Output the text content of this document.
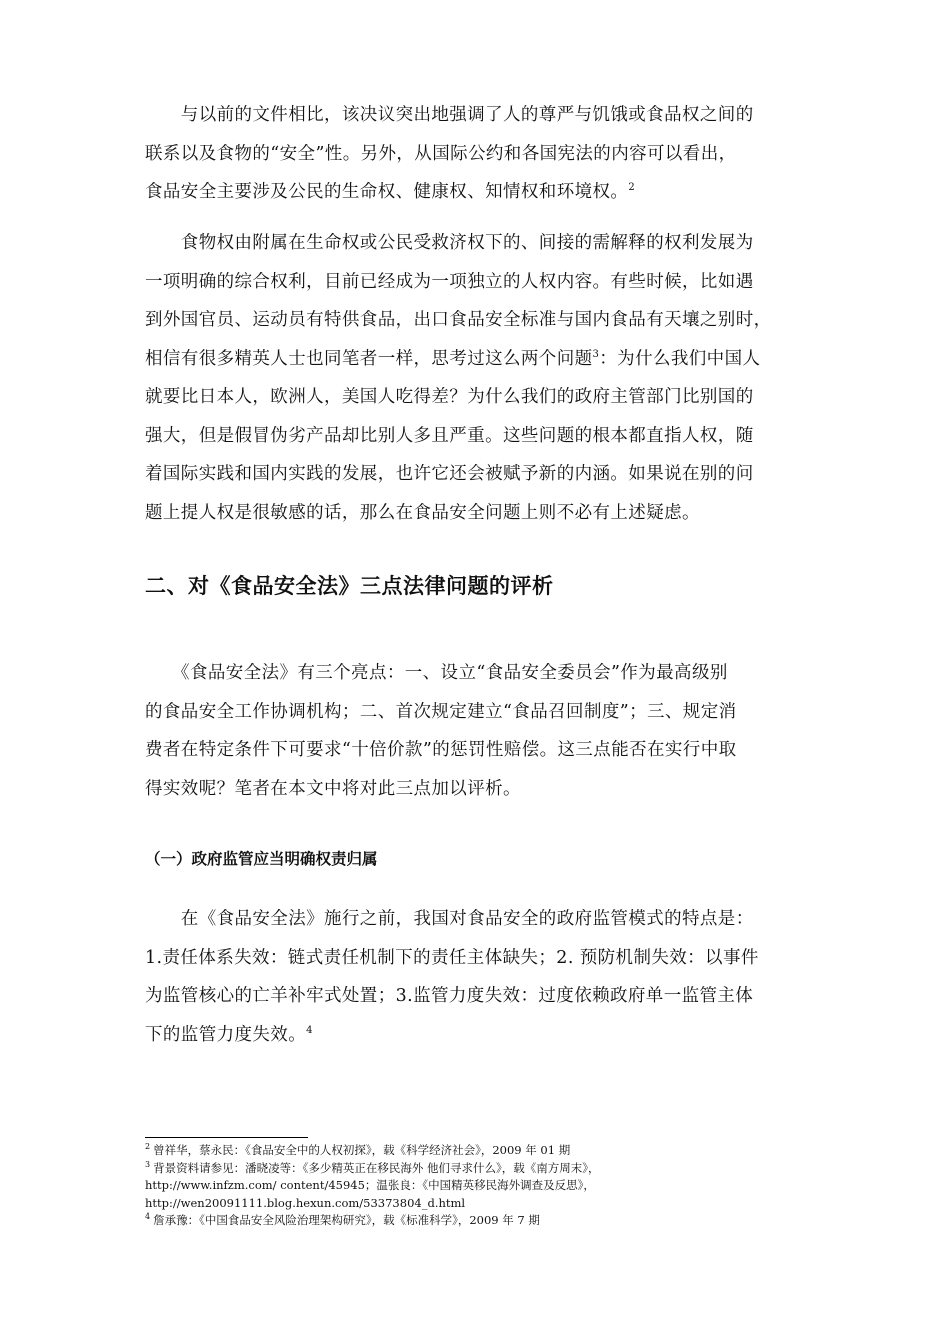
　　与以前的文件相比，该决议突出地强调了人的尊严与饥饿或食品权之间的
联系以及食物的“安全”性。另外，从国际公约和各国宪法的内容可以看出，
食品安全主要涉及公民的生命权、健康权、知情权和环境权。$^2$

　　食物权由附属在生命权或公民受救济权下的、间接的需解释的权利发展为
一项明确的综合权利，目前已经成为一项独立的人权内容。有些时候，比如遇
到外国官员、运动员有特供食品，出口食品安全标准与国内食品有天壤之别时，
相信有很多精英人士也同笔者一样，思考过这么两个问题$^3$：为什么我们中国人
就要比日本人，欧洲人，美国人吃得差？为什么我们的政府主管部门比别国的
强大，但是假冒伪劣产品却比别人多且严重。这些问题的根本都直指人权，随
着国际实践和国内实践的发展，也许它还会被赋予新的内涵。如果说在别的问
题上提人权是很敏感的话，那么在食品安全问题上则不必有上述疑虑。

二、对《食品安全法》三点法律问题的评析

　　《食品安全法》有三个亮点：一、设立“食品安全委员会”作为最高级别
的食品安全工作协调机构；二、首次规定建立“食品召回制度”；三、规定消
费者在特定条件下可要求“十倍价款”的惩罚性赔偿。这三点能否在实行中取
得实效呢？笔者在本文中将对此三点加以评析。

（一）政府监管应当明确权责归属

　　在《食品安全法》施行之前，我国对食品安全的政府监管模式的特点是：
1.责任体系失效：链式责任机制下的责任主体缺失；2. 预防机制失效：以事件
为监管核心的亡羊补牢式处置；3.监管力度失效：过度依赖政府单一监管主体
下的监管力度失效。$^4$

$^2$ 曾祥华，蔡永民：《食品安全中的人权初探》，载《科学经济社会》，2009 年 01 期

$^3$ 背景资料请参见：潘晓凌等：《多少精英正在移民海外 他们寻求什么》，载《南方周末》，

http://www.infzm.com/ content/45945；温张良：《中国精英移民海外调查及反思》，

http://wen20091111.blog.hexun.com/53373804_d.html

$^4$ 詹承豫：《中国食品安全风险治理架构研究》，载《标准科学》，2009 年 7 期
